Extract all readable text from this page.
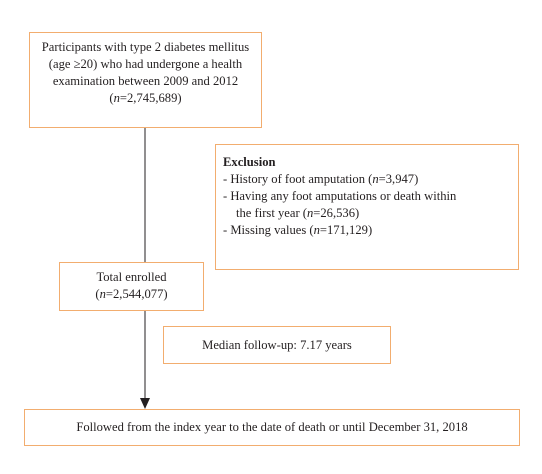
Participants with type 2 diabetes mellitus
(age ≥20) who had undergone a health
examination between 2009 and 2012
(n=2,745,689)
Exclusion
- History of foot amputation (n=3,947)
- Having any foot amputations or death within
the first year (n=26,536)
- Missing values (n=171,129)
Total enrolled
(n=2,544,077)
Median follow-up: 7.17 years
Followed from the index year to the date of death or until December 31, 2018
